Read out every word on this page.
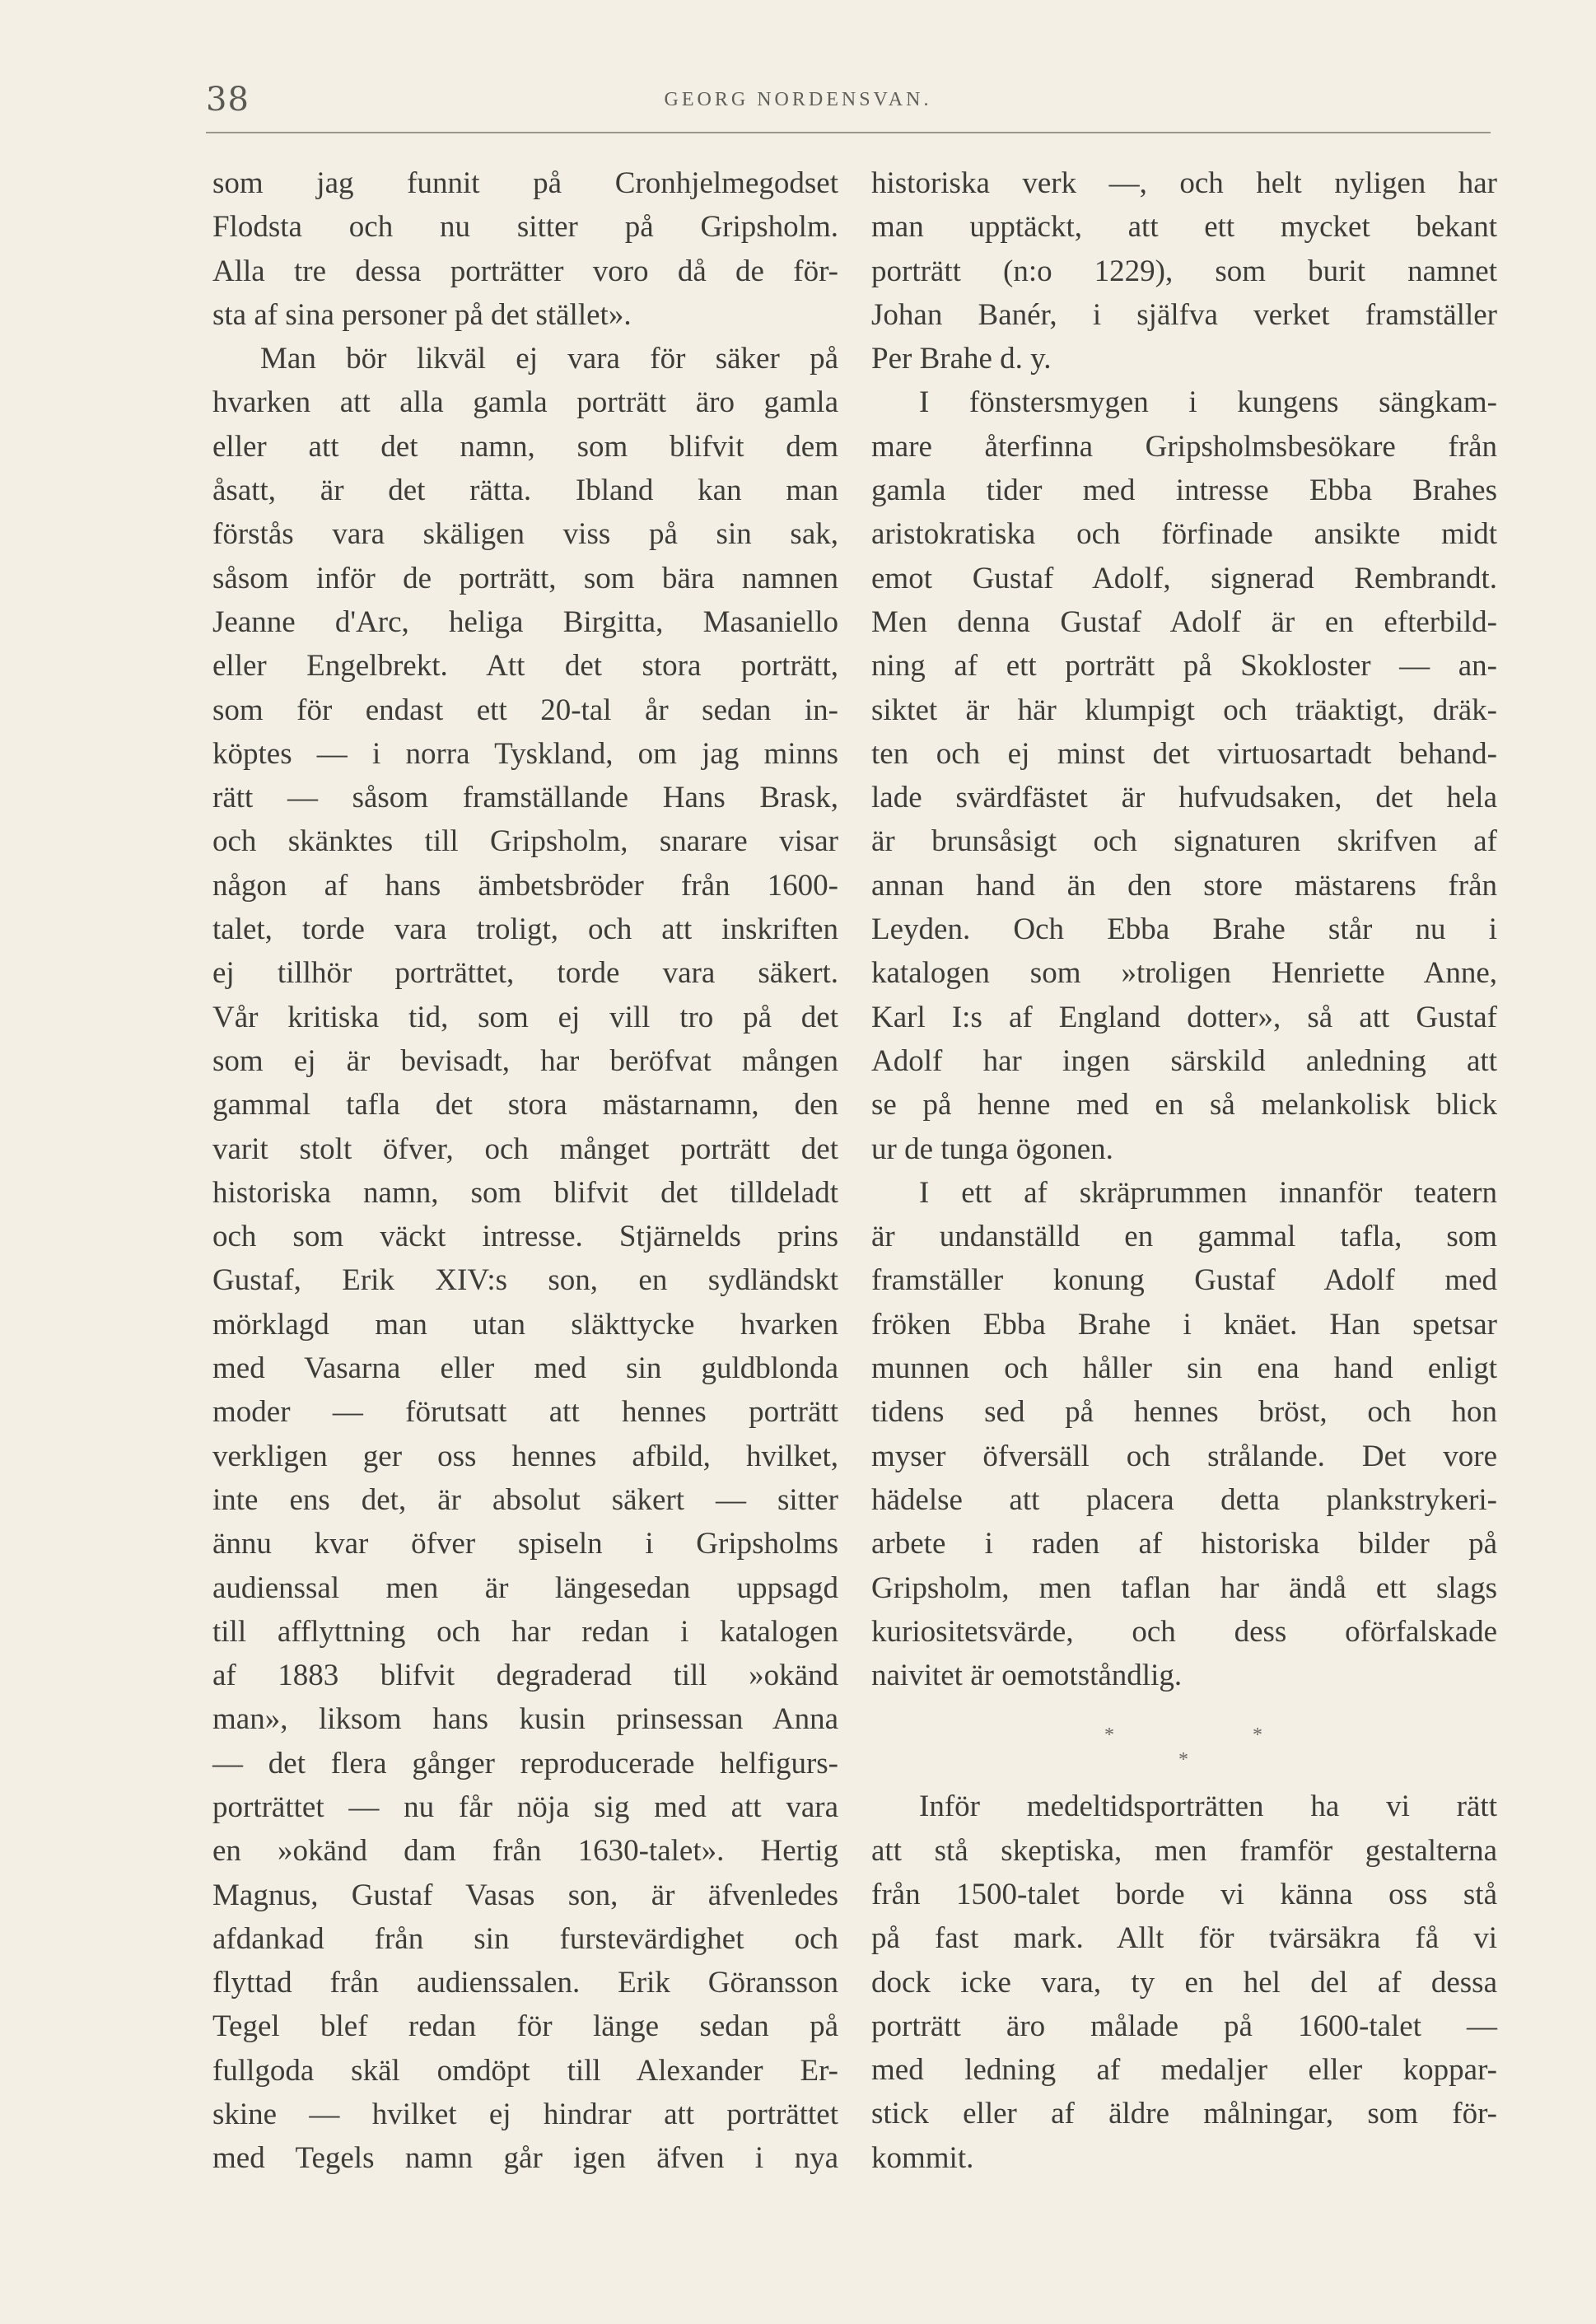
38	GEORG NORDENSVAN.
som jag funnit på Cronhjelmegodset
Flodsta och nu sitter på Gripsholm.
Alla tre dessa porträtter voro då de för-
sta af sina personer på det stället».
Man bör likväl ej vara för säker på
hvarken att alla gamla porträtt äro gamla
eller att det namn, som blifvit dem
åsatt, är det rätta. Ibland kan man
förstås vara skäligen viss på sin sak,
såsom inför de porträtt, som bära namnen
Jeanne d'Arc, heliga Birgitta, Masaniello
eller Engelbrekt. Att det stora porträtt,
som för endast ett 20-tal år sedan in-
köptes — i norra Tyskland, om jag minns
rätt — såsom framställande Hans Brask,
och skänktes till Gripsholm, snarare visar
någon af hans ämbetsbröder från 1600-
talet, torde vara troligt, och att inskriften
ej tillhör porträttet, torde vara säkert.
Vår kritiska tid, som ej vill tro på det
som ej är bevisadt, har beröfvat mången
gammal tafla det stora mästarnamn, den
varit stolt öfver, och månget porträtt det
historiska namn, som blifvit det tilldeladt
och som väckt intresse. Stjärnelds prins
Gustaf, Erik XIV:s son, en sydländskt
mörklagd man utan släkttycke hvarken
med Vasarna eller med sin guldblonda
moder — förutsatt att hennes porträtt
verkligen ger oss hennes afbild, hvilket,
inte ens det, är absolut säkert — sitter
ännu kvar öfver spiseln i Gripsholms
audienssal men är längesedan uppsagd
till afflyttning och har redan i katalogen
af 1883 blifvit degraderad till »okänd
man», liksom hans kusin prinsessan Anna
— det flera gånger reproducerade helfigurs-
porträttet — nu får nöja sig med att vara
en »okänd dam från 1630-talet». Hertig
Magnus, Gustaf Vasas son, är äfvenledes
afdankad från sin furstevärdighet och
flyttad från audienssalen. Erik Göransson
Tegel blef redan för länge sedan på
fullgoda skäl omdöpt till Alexander Er-
skine — hvilket ej hindrar att porträttet
med Tegels namn går igen äfven i nya
historiska verk —, och helt nyligen har
man upptäckt, att ett mycket bekant
porträtt (n:o 1229), som burit namnet
Johan Banér, i själfva verket framställer
Per Brahe d. y.
I fönstersmygen i kungens sängkam-
mare återfinna Gripsholmsbesökare från
gamla tider med intresse Ebba Brahes
aristokratiska och förfinade ansikte midt
emot Gustaf Adolf, signerad Rembrandt.
Men denna Gustaf Adolf är en efterbild-
ning af ett porträtt på Skokloster — an-
siktet är här klumpigt och träaktigt, dräk-
ten och ej minst det virtuosartadt behand-
lade svärdfästet är hufvudsaken, det hela
är brunsåsigt och signaturen skrifven af
annan hand än den store mästarens från
Leyden. Och Ebba Brahe står nu i
katalogen som »troligen Henriette Anne,
Karl I:s af England dotter», så att Gustaf
Adolf har ingen särskild anledning att
se på henne med en så melankolisk blick
ur de tunga ögonen.
I ett af skräprummen innanför teatern
är undanställd en gammal tafla, som
framställer konung Gustaf Adolf med
fröken Ebba Brahe i knäet. Han spetsar
munnen och håller sin ena hand enligt
tidens sed på hennes bröst, och hon
myser öfversäll och strålande. Det vore
hädelse att placera detta plankstrykeri-
arbete i raden af historiska bilder på
Gripsholm, men taflan har ändå ett slags
kuriositetsvärde, och dess oförfalskade
naivitet är oemotståndlig.
*	*
*
Inför medeltidsporträtten ha vi rätt
att stå skeptiska, men framför gestalterna
från 1500-talet borde vi känna oss stå
på fast mark. Allt för tvärsäkra få vi
dock icke vara, ty en hel del af dessa
porträtt äro målade på 1600-talet —
med ledning af medaljer eller koppar-
stick eller af äldre målningar, som för-
kommit.
